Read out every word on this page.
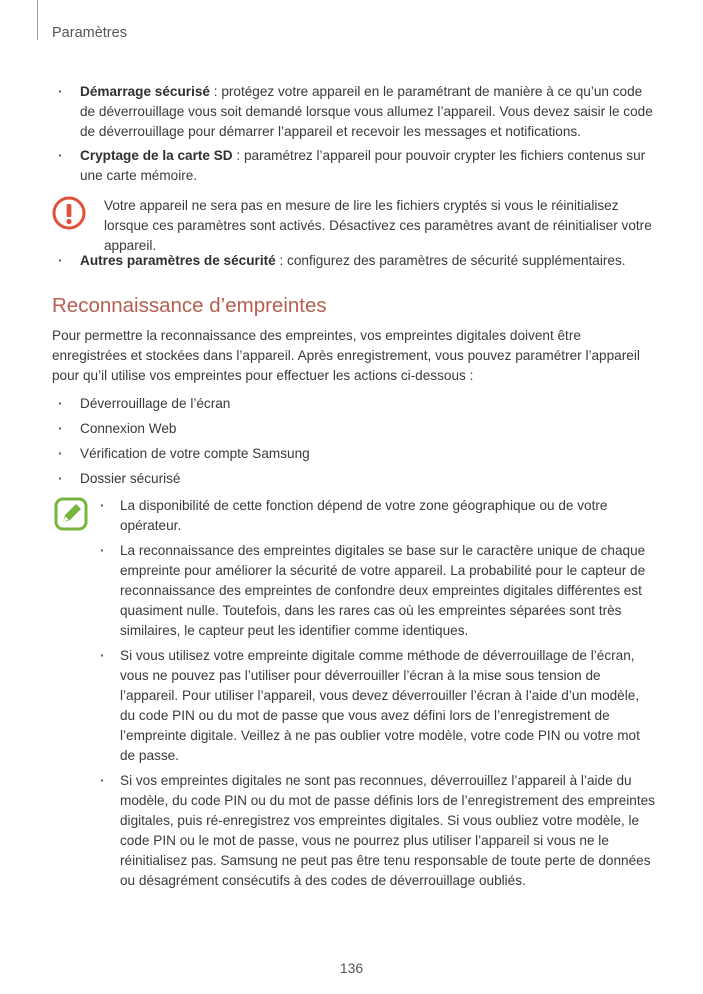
Paramètres
· Démarrage sécurisé : protégez votre appareil en le paramétrant de manière à ce qu’un code de déverrouillage vous soit demandé lorsque vous allumez l’appareil. Vous devez saisir le code de déverrouillage pour démarrer l’appareil et recevoir les messages et notifications.
· Cryptage de la carte SD : paramétrez l’appareil pour pouvoir crypter les fichiers contenus sur une carte mémoire.
Votre appareil ne sera pas en mesure de lire les fichiers cryptés si vous le réinitialisez lorsque ces paramètres sont activés. Désactivez ces paramètres avant de réinitialiser votre appareil.
· Autres paramètres de sécurité : configurez des paramètres de sécurité supplémentaires.
Reconnaissance d’empreintes
Pour permettre la reconnaissance des empreintes, vos empreintes digitales doivent être enregistrées et stockées dans l’appareil. Après enregistrement, vous pouvez paramétrer l’appareil pour qu’il utilise vos empreintes pour effectuer les actions ci-dessous :
· Déverrouillage de l’écran
· Connexion Web
· Vérification de votre compte Samsung
· Dossier sécurisé
· La disponibilité de cette fonction dépend de votre zone géographique ou de votre opérateur.
· La reconnaissance des empreintes digitales se base sur le caractère unique de chaque empreinte pour améliorer la sécurité de votre appareil. La probabilité pour le capteur de reconnaissance des empreintes de confondre deux empreintes digitales différentes est quasiment nulle. Toutefois, dans les rares cas où les empreintes séparées sont très similaires, le capteur peut les identifier comme identiques.
· Si vous utilisez votre empreinte digitale comme méthode de déverrouillage de l’écran, vous ne pouvez pas l’utiliser pour déverrouiller l’écran à la mise sous tension de l’appareil. Pour utiliser l’appareil, vous devez déverrouiller l’écran à l’aide d’un modèle, du code PIN ou du mot de passe que vous avez défini lors de l’enregistrement de l’empreinte digitale. Veillez à ne pas oublier votre modèle, votre code PIN ou votre mot de passe.
· Si vos empreintes digitales ne sont pas reconnues, déverrouillez l’appareil à l’aide du modèle, du code PIN ou du mot de passe définis lors de l’enregistrement des empreintes digitales, puis ré-enregistrez vos empreintes digitales. Si vous oubliez votre modèle, le code PIN ou le mot de passe, vous ne pourrez plus utiliser l’appareil si vous ne le réinitialisez pas. Samsung ne peut pas être tenu responsable de toute perte de données ou désagrément consécutifs à des codes de déverrouillage oubliés.
136
